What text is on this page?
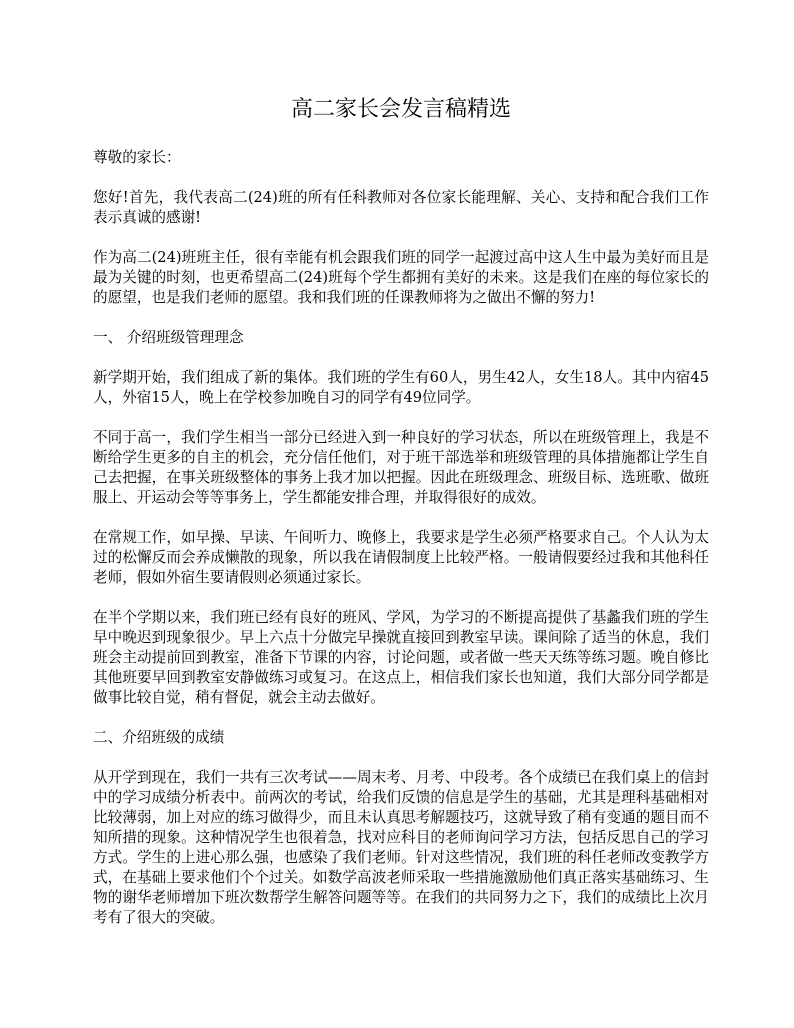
高二家长会发言稿精选

尊敬的家长：

您好!首先，我代表高二(24)班的所有任科教师对各位家长能理解、关心、支持和配合我们工作表示真诚的感谢!

作为高二(24)班班主任，很有幸能有机会跟我们班的同学一起渡过高中这人生中最为美好而且是最为关键的时刻，也更希望高二(24)班每个学生都拥有美好的未来。这是我们在座的每位家长的的愿望，也是我们老师的愿望。我和我们班的任课教师将为之做出不懈的努力!

一、 介绍班级管理理念

新学期开始，我们组成了新的集体。我们班的学生有60人，男生42人，女生18人。其中内宿45人，外宿15人，晚上在学校参加晚自习的同学有49位同学。

不同于高一，我们学生相当一部分已经进入到一种良好的学习状态，所以在班级管理上，我是不断给学生更多的自主的机会，充分信任他们，对于班干部选举和班级管理的具体措施都让学生自己去把握，在事关班级整体的事务上我才加以把握。因此在班级理念、班级目标、选班歌、做班服上、开运动会等等事务上，学生都能安排合理，并取得很好的成效。

在常规工作，如早操、早读、午间听力、晚修上，我要求是学生必须严格要求自己。个人认为太过的松懈反而会养成懒散的现象，所以我在请假制度上比较严格。一般请假要经过我和其他科任老师，假如外宿生要请假则必须通过家长。

在半个学期以来，我们班已经有良好的班风、学风，为学习的不断提高提供了基蠡我们班的学生早中晚迟到现象很少。早上六点十分做完早操就直接回到教室早读。课间除了适当的休息，我们班会主动提前回到教室，准备下节课的内容，讨论问题，或者做一些天天练等练习题。晚自修比其他班要早回到教室安静做练习或复习。在这点上，相信我们家长也知道，我们大部分同学都是做事比较自觉，稍有督促，就会主动去做好。

二、介绍班级的成绩

从开学到现在，我们一共有三次考试——周末考、月考、中段考。各个成绩已在我们桌上的信封中的学习成绩分析表中。前两次的考试，给我们反馈的信息是学生的基础，尤其是理科基础相对比较薄弱，加上对应的练习做得少，而且未认真思考解题技巧，这就导致了稍有变通的题目而不知所措的现象。这种情况学生也很着急，找对应科目的老师询问学习方法，包括反思自己的学习方式。学生的上进心那么强，也感染了我们老师。针对这些情况，我们班的科任老师改变教学方式，在基础上要求他们个个过关。如数学高波老师采取一些措施激励他们真正落实基础练习、生物的谢华老师增加下班次数帮学生解答问题等等。在我们的共同努力之下，我们的成绩比上次月考有了很大的突破。
